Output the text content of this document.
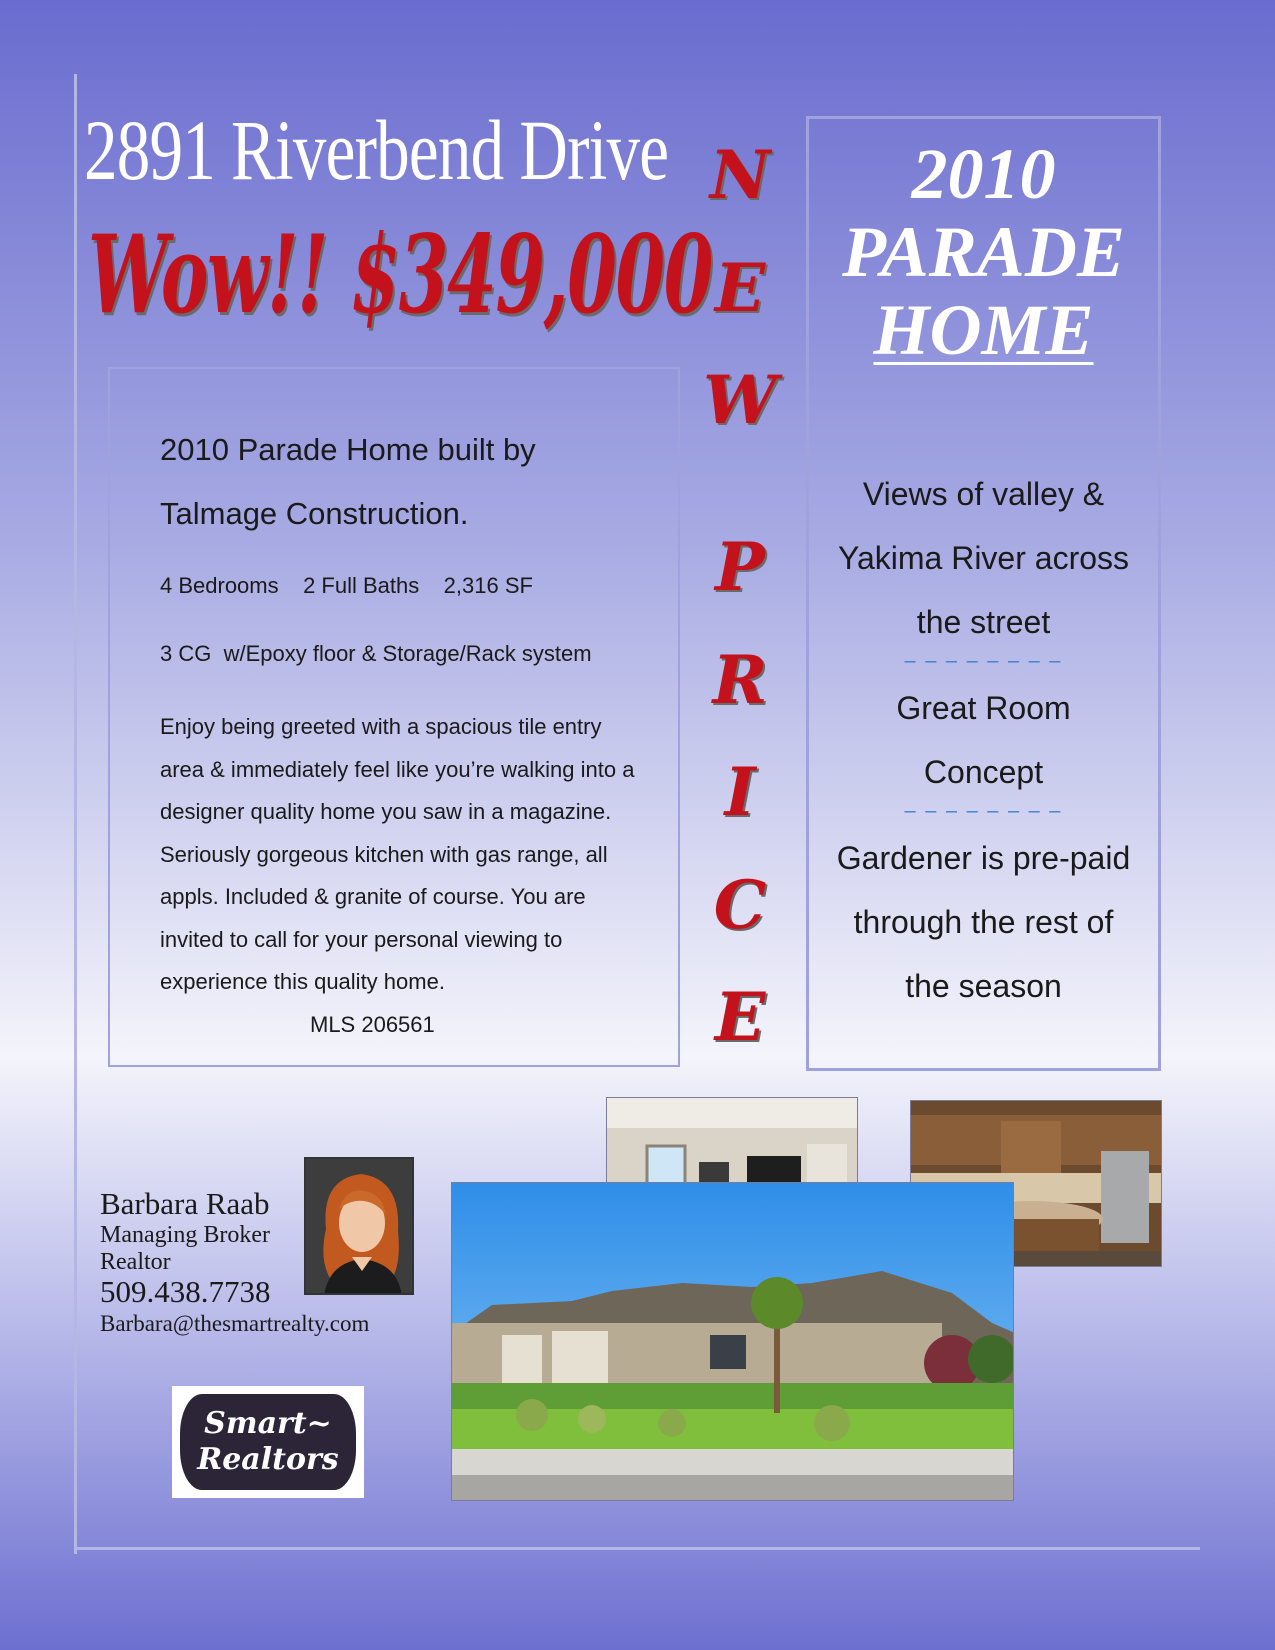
2891 Riverbend Drive
Wow!! $349,000
N
E
W
P
R
I
C
E
2010 Parade Home built by Talmage Construction.
4 Bedrooms    2 Full Baths    2,316 SF
3 CG  w/Epoxy floor & Storage/Rack system
Enjoy being greeted with a spacious tile entry area & immediately feel like you’re walking into a designer quality home you saw in a magazine. Seriously gorgeous kitchen with gas range, all appls. Included & granite of course. You are invited to call for your personal viewing to experience this quality home. MLS 206561
2010
PARADE
HOME
Views of valley & Yakima River across the street
– – – – – – – –
Great Room Concept
– – – – – – – –
Gardener is pre-paid through the rest of the season
Barbara Raab
Managing Broker
Realtor
509.438.7738
Barbara@thesmartrealty.com
Smart~
Realtors
